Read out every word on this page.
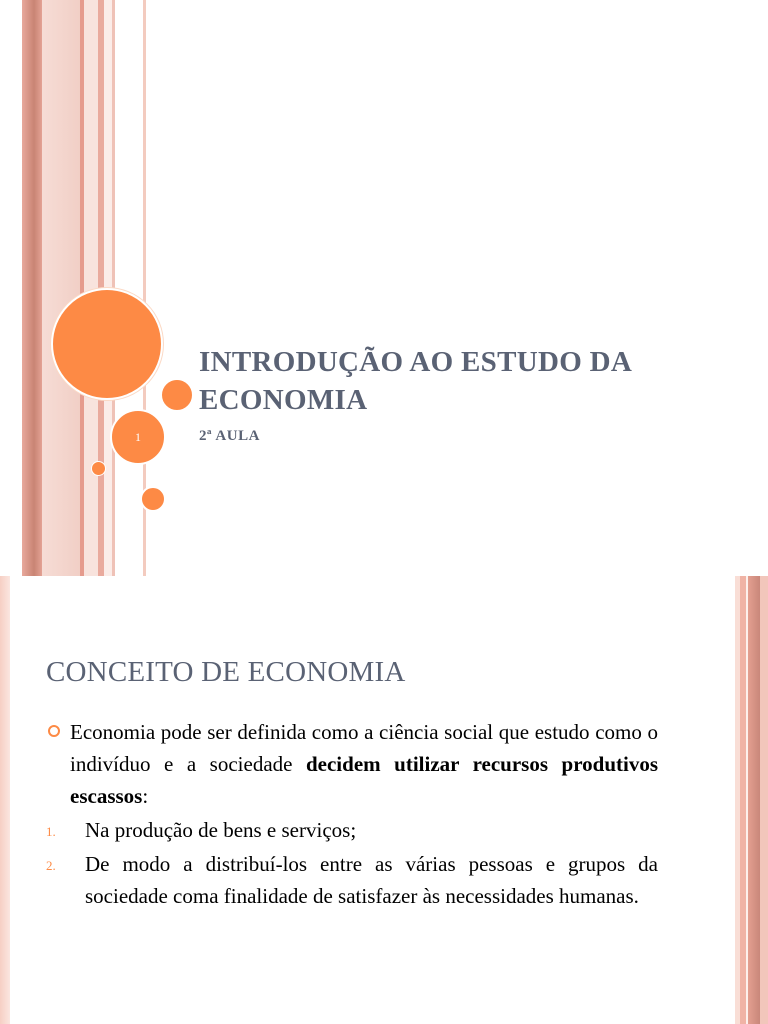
1
INTRODUÇÃO AO ESTUDO DA ECONOMIA
2ª AULA
CONCEITO DE ECONOMIA
Economia pode ser definida como a ciência social que estudo como o indivíduo e a sociedade decidem utilizar recursos produtivos escassos:
1. Na produção de bens e serviços;
2. De modo a distribuí-los entre as várias pessoas e grupos da sociedade coma finalidade de satisfazer às necessidades humanas.
